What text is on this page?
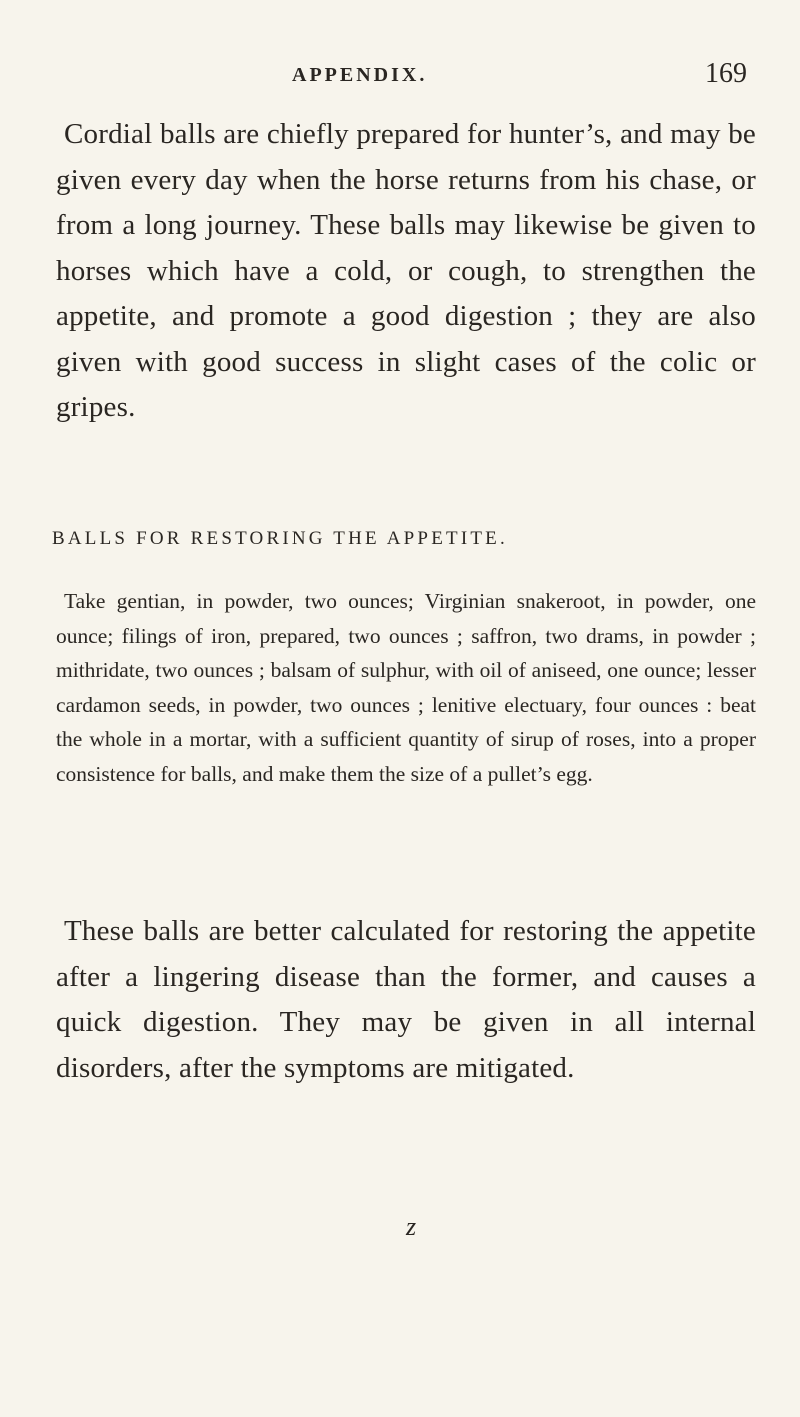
APPENDIX.	169

Cordial balls are chiefly prepared for hunter’s, and may be given every day when the horse returns from his chase, or from a long journey. These balls may likewise be given to horses which have a cold, or cough, to strengthen the appetite, and promote a good digestion ; they are also given with good success in slight cases of the colic or gripes.

BALLS FOR RESTORING THE APPETITE.

Take gentian, in powder, two ounces; Virginian snakeroot, in powder, one ounce; filings of iron, prepared, two ounces ; saffron, two drams, in powder ; mithridate, two ounces ; balsam of sulphur, with oil of aniseed, one ounce; lesser cardamon seeds, in powder, two ounces ; lenitive electuary, four ounces : beat the whole in a mortar, with a sufficient quantity of sirup of roses, into a proper consistence for balls, and make them the size of a pullet’s egg.

These balls are better calculated for restoring the appetite after a lingering disease than the former, and causes a quick digestion. They may be given in all internal disorders, after the symptoms are mitigated.

z
